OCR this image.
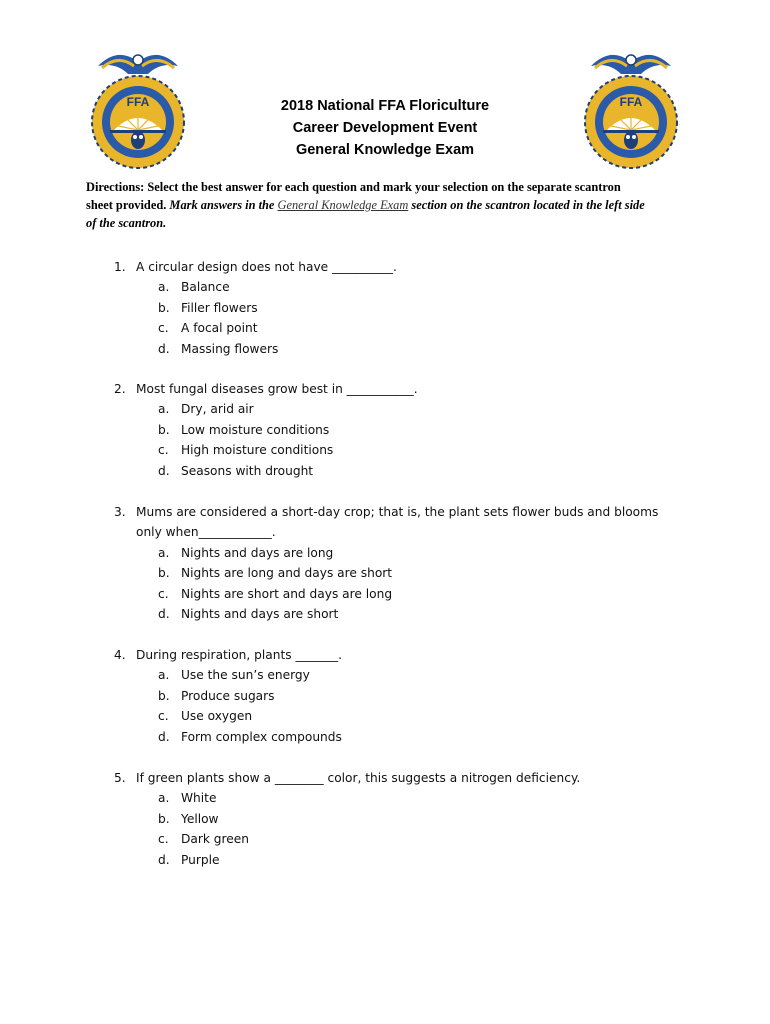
FFA	FFA
2018 National FFA Floriculture
Career Development Event
General Knowledge Exam
Directions: Select the best answer for each question and mark your selection on the separate scantron sheet provided. Mark answers in the General Knowledge Exam section on the scantron located in the left side of the scantron.
1. A circular design does not have __________.
a. Balance
b. Filler flowers
c. A focal point
d. Massing flowers
2. Most fungal diseases grow best in ___________.
a. Dry, arid air
b. Low moisture conditions
c. High moisture conditions
d. Seasons with drought
3. Mums are considered a short-day crop; that is, the plant sets flower buds and blooms only when____________.
a. Nights and days are long
b. Nights are long and days are short
c. Nights are short and days are long
d. Nights and days are short
4. During respiration, plants _______.
a. Use the sun’s energy
b. Produce sugars
c. Use oxygen
d. Form complex compounds
5. If green plants show a ________ color, this suggests a nitrogen deficiency.
a. White
b. Yellow
c. Dark green
d. Purple
